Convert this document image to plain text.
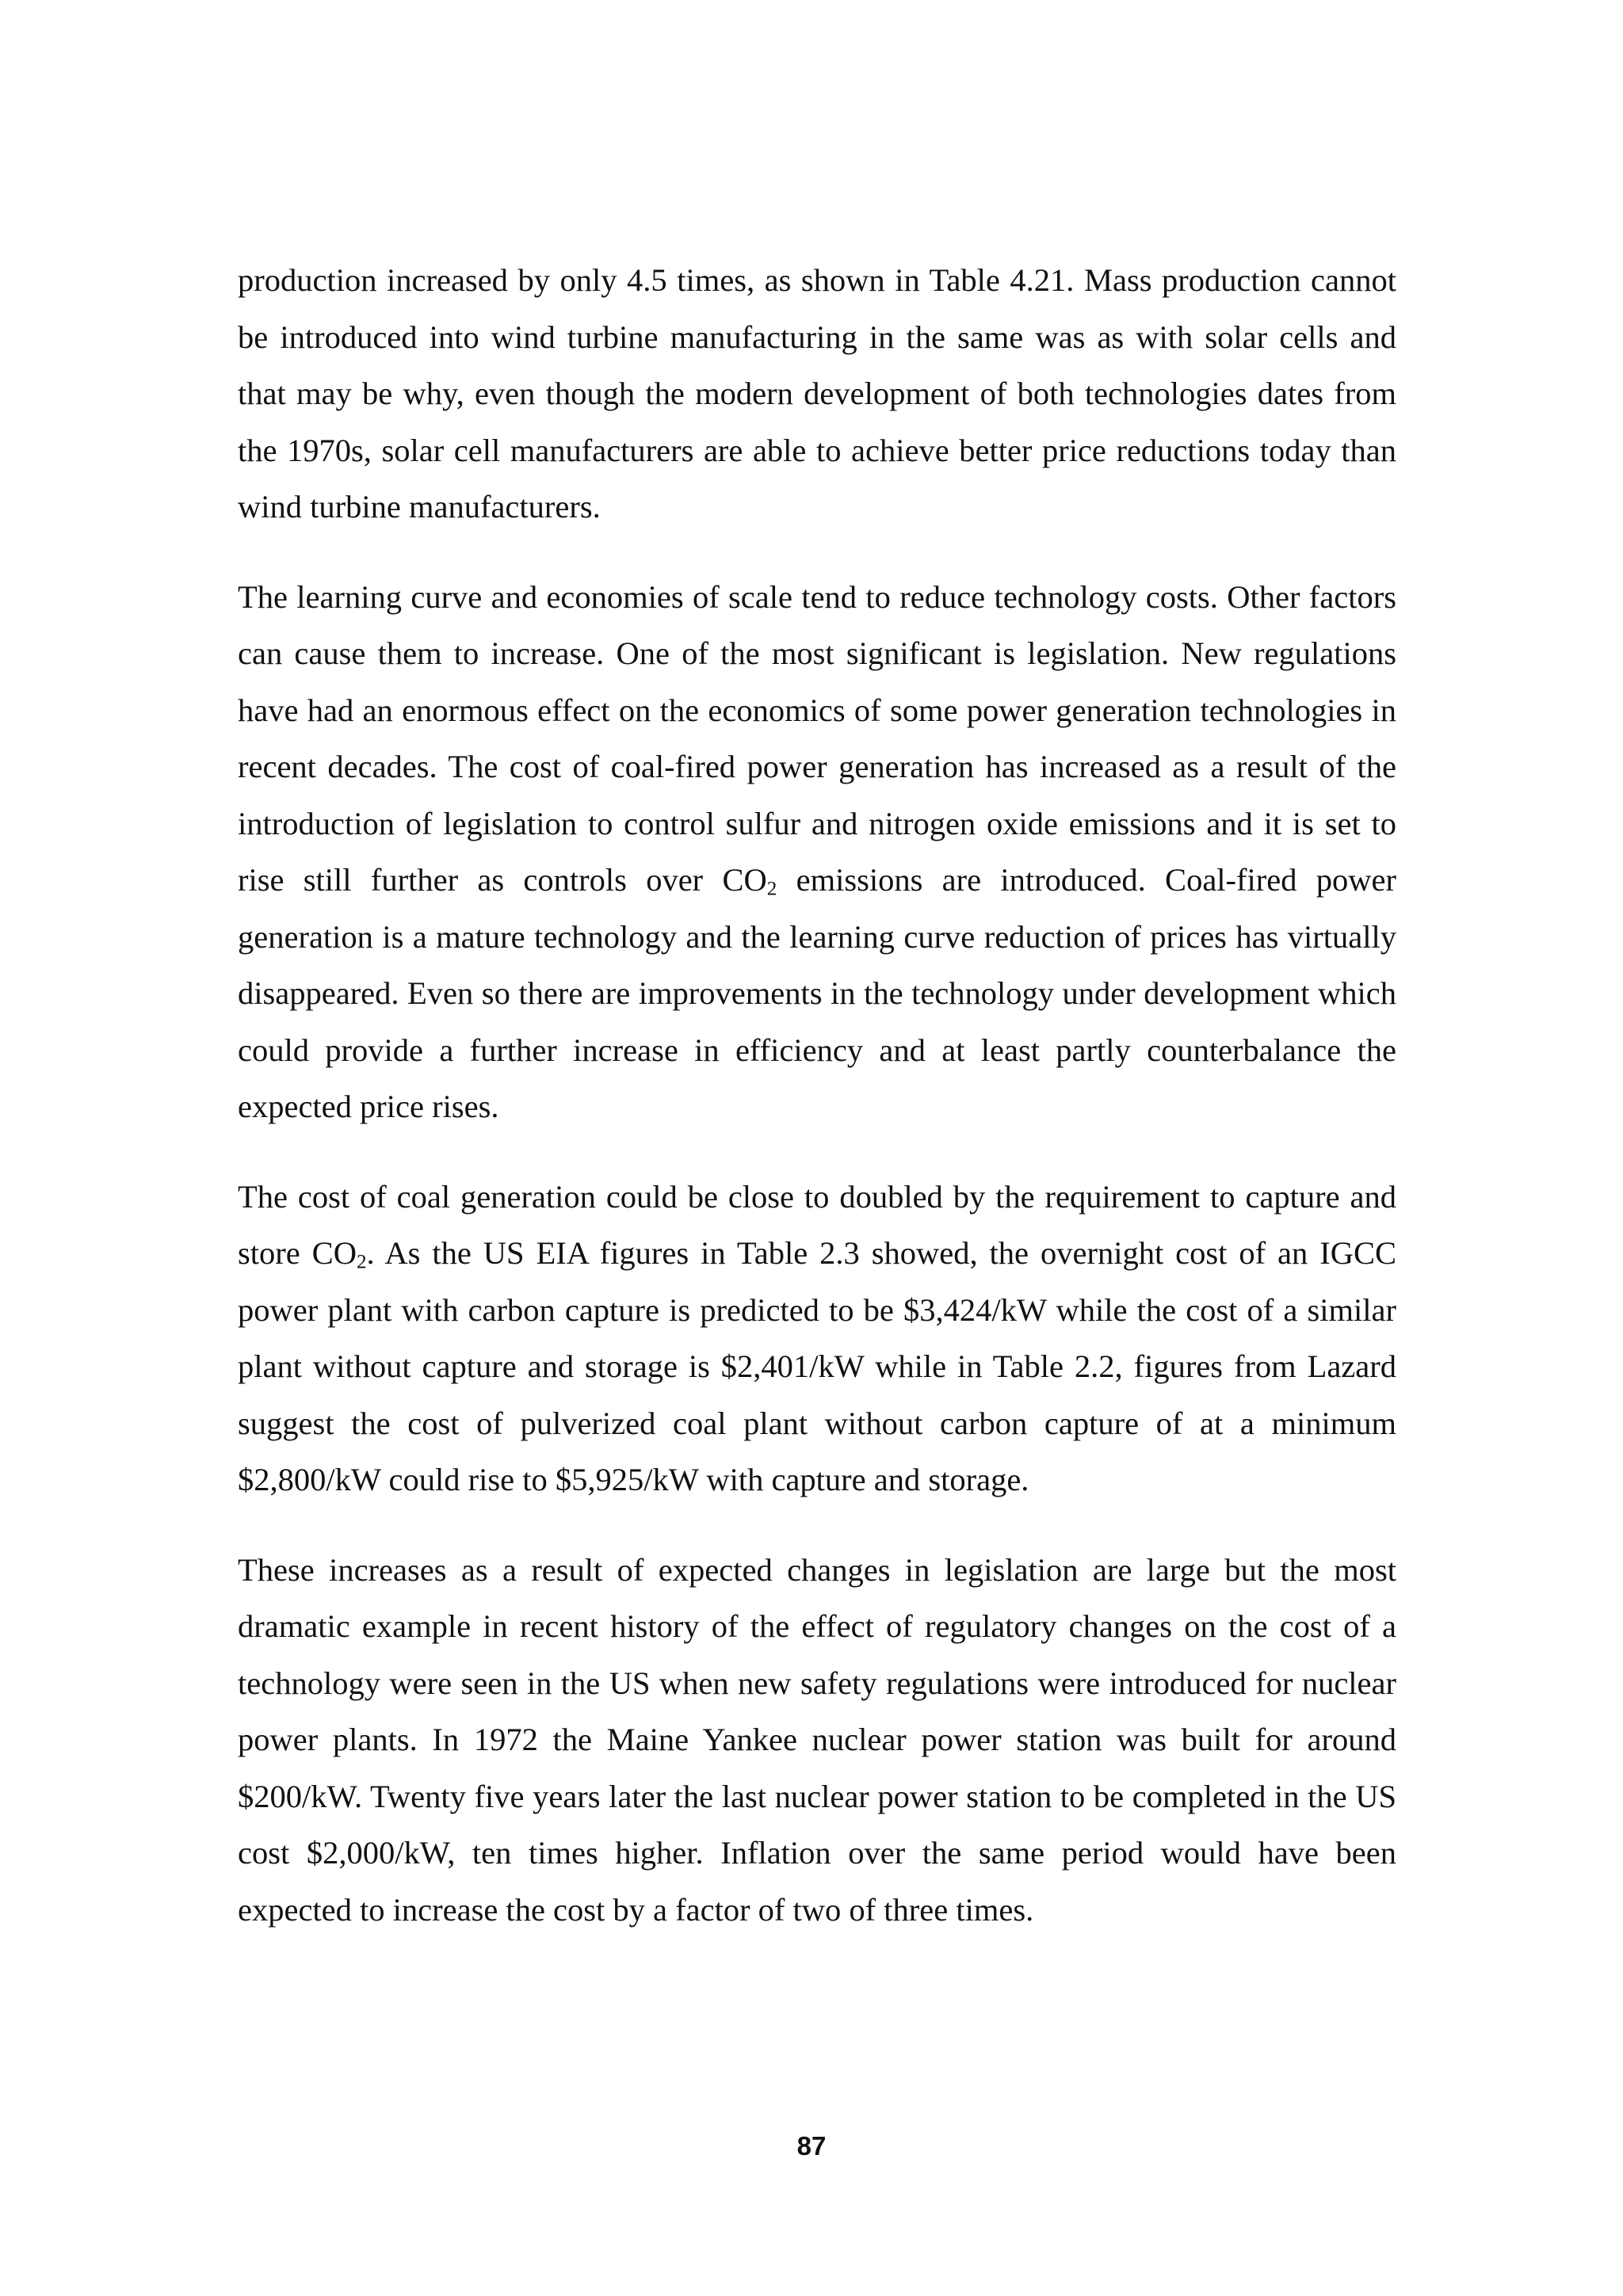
production increased by only 4.5 times, as shown in Table 4.21. Mass production cannot be introduced into wind turbine manufacturing in the same was as with solar cells and that may be why, even though the modern development of both technologies dates from the 1970s, solar cell manufacturers are able to achieve better price reductions today than wind turbine manufacturers.

The learning curve and economies of scale tend to reduce technology costs. Other factors can cause them to increase. One of the most significant is legislation. New regulations have had an enormous effect on the economics of some power generation technologies in recent decades. The cost of coal-fired power generation has increased as a result of the introduction of legislation to control sulfur and nitrogen oxide emissions and it is set to rise still further as controls over $CO_2$ emissions are introduced. Coal-fired power generation is a mature technology and the learning curve reduction of prices has virtually disappeared. Even so there are improvements in the technology under development which could provide a further increase in efficiency and at least partly counterbalance the expected price rises.

The cost of coal generation could be close to doubled by the requirement to capture and store $CO_2$. As the US EIA figures in Table 2.3 showed, the overnight cost of an IGCC power plant with carbon capture is predicted to be $3,424/kW while the cost of a similar plant without capture and storage is $2,401/kW while in Table 2.2, figures from Lazard suggest the cost of pulverized coal plant without carbon capture of at a minimum $2,800/kW could rise to $5,925/kW with capture and storage.

These increases as a result of expected changes in legislation are large but the most dramatic example in recent history of the effect of regulatory changes on the cost of a technology were seen in the US when new safety regulations were introduced for nuclear power plants. In 1972 the Maine Yankee nuclear power station was built for around $200/kW. Twenty five years later the last nuclear power station to be completed in the US cost $2,000/kW, ten times higher. Inflation over the same period would have been expected to increase the cost by a factor of two of three times.

87
